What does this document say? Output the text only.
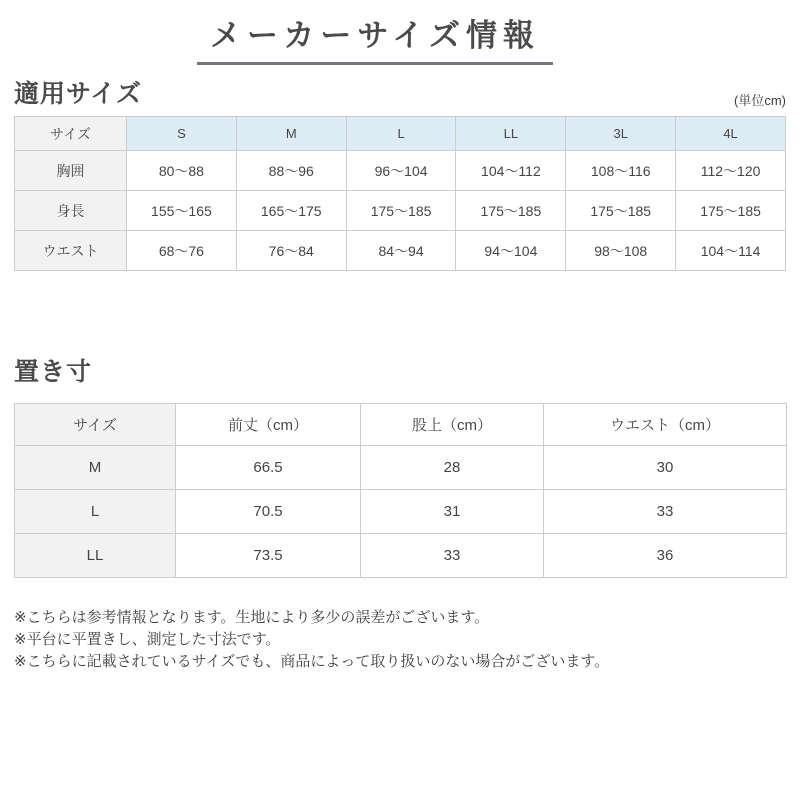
メーカーサイズ情報
適用サイズ	(単位cm)
サイズ	S	M	L	LL	3L	4L
胸囲	80〜88	88〜96	96〜104	104〜112	108〜116	112〜120
身長	155〜165	165〜175	175〜185	175〜185	175〜185	175〜185
ウエスト	68〜76	76〜84	84〜94	94〜104	98〜108	104〜114
置き寸
サイズ	前丈（cm）	股上（cm）	ウエスト（cm）
M	66.5	28	30
L	70.5	31	33
LL	73.5	33	36

※こちらは参考情報となります。生地により多少の誤差がございます。

※平台に平置きし、測定した寸法です。

※こちらに記載されているサイズでも、商品によって取り扱いのない場合がございます。
